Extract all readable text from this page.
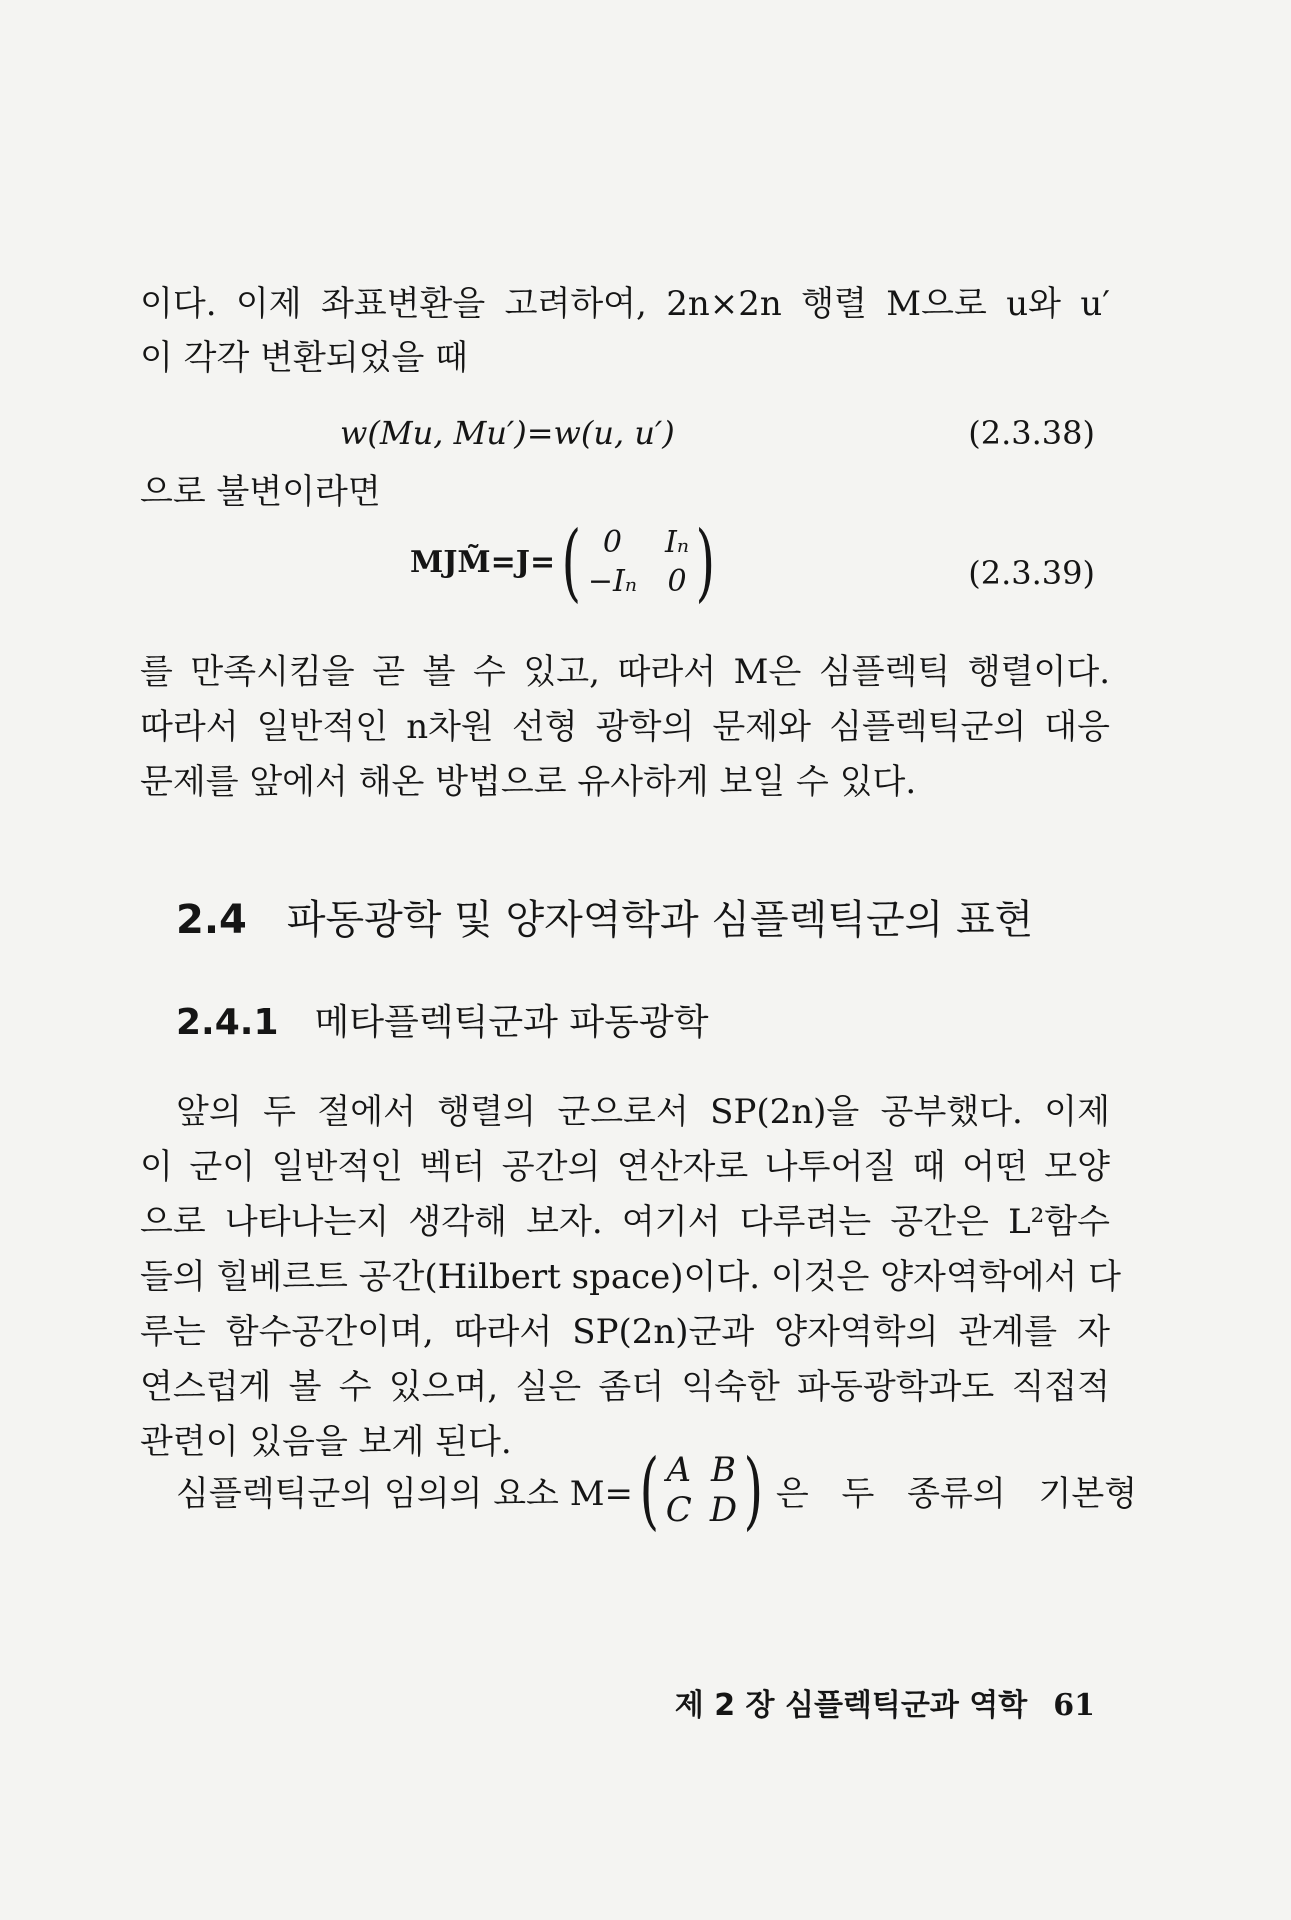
이다. 이제 좌표변환을 고려하여, 2n×2n 행렬 M으로 u와 u′
이 각각 변환되었을 때
w(Mu, Mu′)=w(u, u′)	(2.3.38)
으로 불변이라면
MJM̃=J= ( 0	Iₙ
−Iₙ 0 )	(2.3.39)
를 만족시킴을 곧 볼 수 있고, 따라서 M은 심플렉틱 행렬이다.
따라서 일반적인 n차원 선형 광학의 문제와 심플렉틱군의 대응
문제를 앞에서 해온 방법으로 유사하게 보일 수 있다.
2.4 파동광학 및 양자역학과 심플렉틱군의 표현
2.4.1 메타플렉틱군과 파동광학
앞의 두 절에서 행렬의 군으로서 SP(2n)을 공부했다. 이제
이 군이 일반적인 벡터 공간의 연산자로 나투어질 때 어떤 모양
으로 나타나는지 생각해 보자. 여기서 다루려는 공간은 L²함수
들의 힐베르트 공간(Hilbert space)이다. 이것은 양자역학에서 다
루는 함수공간이며, 따라서 SP(2n)군과 양자역학의 관계를 자
연스럽게 볼 수 있으며, 실은 좀더 익숙한 파동광학과도 직접적
관련이 있음을 보게 된다.
심플렉틱군의 임의의 요소 M= ( A B
C D ) 은 두 종류의 기본형
제 2 장 심플렉틱군과 역학 61
